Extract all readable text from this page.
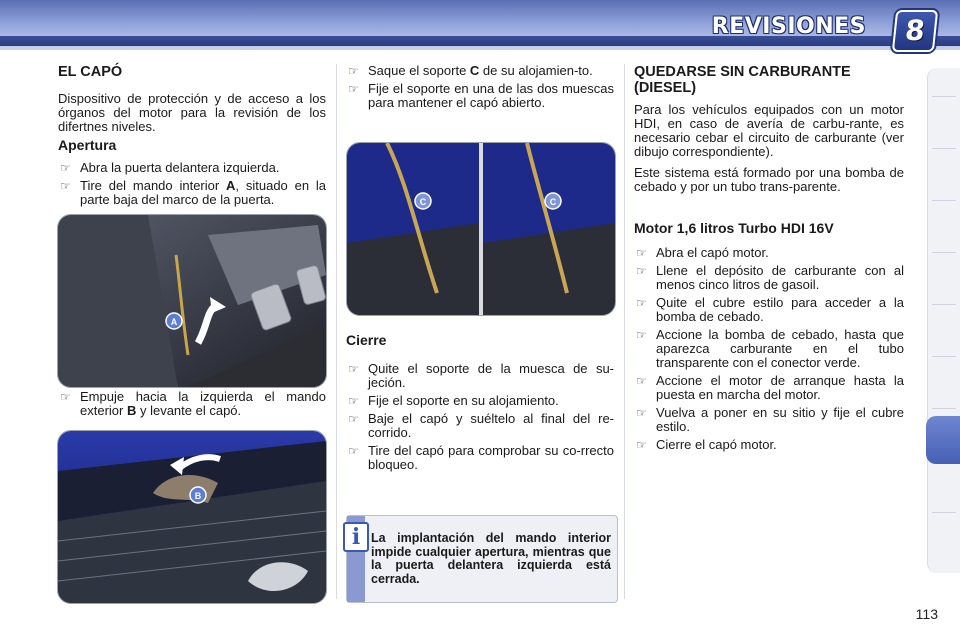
REVISIONES	8
EL CAPÓ

Dispositivo de protección y de acceso a los órganos del motor para la revisión de los difertnes niveles.

Apertura
☞ Abra la puerta delantera izquierda.
☞ Tire del mando interior A, situado en la parte baja del marco de la puerta.
A
☞ Empuje hacia la izquierda el mando exterior B y levante el capó.
B
☞ Saque el soporte C de su alojamien-to.
☞ Fije el soporte en una de las dos muescas para mantener el capó abierto.
C	C
Cierre
☞ Quite el soporte de la muesca de su-jeción.
☞ Fije el soporte en su alojamiento.
☞ Baje el capó y suéltelo al final del re-corrido.
☞ Tire del capó para comprobar su co-rrecto bloqueo.
i La implantación del mando interior impide cualquier apertura, mientras que la puerta delantera izquierda está cerrada.
QUEDARSE SIN CARBURANTE (DIESEL)

Para los vehículos equipados con un motor HDI, en caso de avería de carbu-rante, es necesario cebar el circuito de carburante (ver dibujo correspondiente).

Este sistema está formado por una bomba de cebado y por un tubo trans-parente.

Motor 1,6 litros Turbo HDI 16V
☞ Abra el capó motor.
☞ Llene el depósito de carburante con al menos cinco litros de gasoil.
☞ Quite el cubre estilo para acceder a la bomba de cebado.
☞ Accione la bomba de cebado, hasta que aparezca carburante en el tubo transparente con el conector verde.
☞ Accione el motor de arranque hasta la puesta en marcha del motor.
☞ Vuelva a poner en su sitio y fije el cubre estilo.
☞ Cierre el capó motor.
113
